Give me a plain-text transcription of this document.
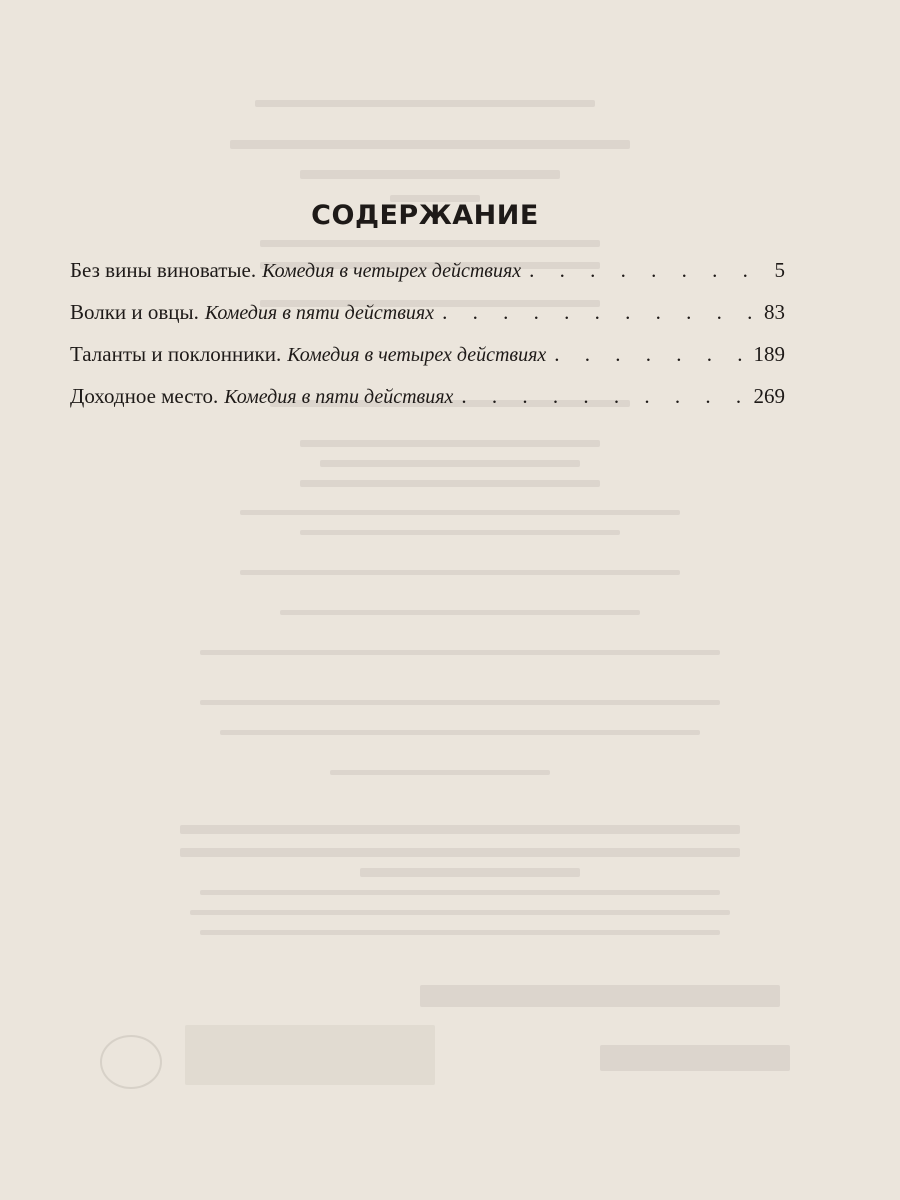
СОДЕРЖАНИЕ
Без вины виноватые. Комедия в четырех действиях . . .	5
Волки и овцы. Комедия в пяти действиях . . .	83
Таланты и поклонники. Комедия в четырех действиях . . .	189
Доходное место. Комедия в пяти действиях . . .	269
